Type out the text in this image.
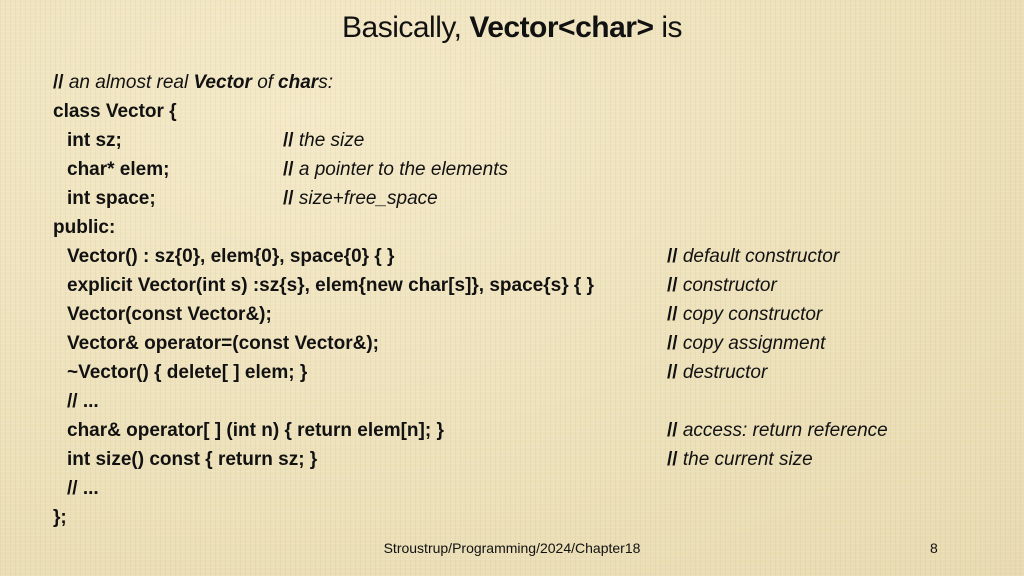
Basically, Vector<char> is
// an almost real Vector of chars:
class Vector {
int sz;
char* elem;
int space;
public:
Vector() : sz{0}, elem{0}, space{0} { }
explicit Vector(int s) :sz{s}, elem{new char[s]}, space{s} { }
Vector(const Vector&);
Vector& operator=(const Vector&);
~Vector() { delete[ ] elem; }
// ...
char& operator[ ] (int n) { return elem[n]; }
int size() const { return sz; }
// ...
};
// the size
// a pointer to the elements
// size+free_space
// default constructor
// constructor
// copy constructor
// copy assignment
// destructor
// access: return reference
// the current size
Stroustrup/Programming/2024/Chapter18	8
